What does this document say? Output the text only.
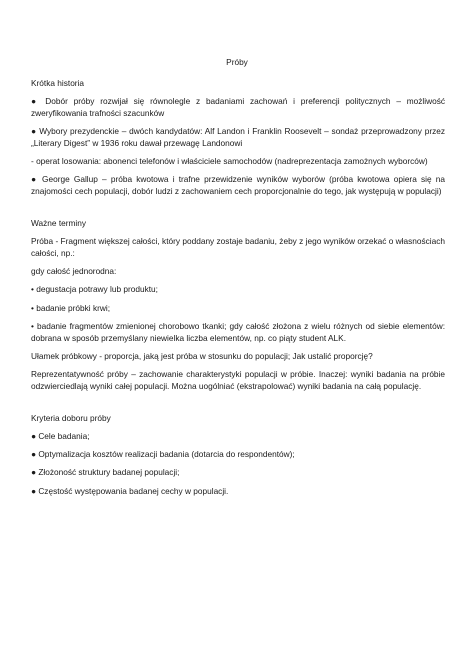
Próby

Krótka historia

● Dobór próby rozwijał się równolegle z badaniami zachowań i preferencji politycznych – możliwość zweryfikowania trafności szacunków

● Wybory prezydenckie – dwóch kandydatów: Alf Landon i Franklin Roosevelt – sondaż przeprowadzony przez „Literary Digest” w 1936 roku dawał przewagę Landonowi

- operat losowania: abonenci telefonów i właściciele samochodów (nadreprezentacja zamożnych wyborców)

● George Gallup – próba kwotowa i trafne przewidzenie wyników wyborów (próba kwotowa opiera się na znajomości cech populacji, dobór ludzi z zachowaniem cech proporcjonalnie do tego, jak występują w populacji)

Ważne terminy

Próba - Fragment większej całości, który poddany zostaje badaniu, żeby z jego wyników orzekać o własnościach całości, np.:

gdy całość jednorodna:

• degustacja potrawy lub produktu;

• badanie próbki krwi;

• badanie fragmentów zmienionej chorobowo tkanki; gdy całość złożona z wielu różnych od siebie elementów: dobrana w sposób przemyślany niewielka liczba elementów, np. co piąty student ALK.

Ułamek próbkowy - proporcja, jaką jest próba w stosunku do populacji; Jak ustalić proporcję?

Reprezentatywność próby – zachowanie charakterystyki populacji w próbie. Inaczej: wyniki badania na próbie odzwierciedlają wyniki całej populacji. Można uogólniać (ekstrapolować) wyniki badania na całą populację.

Kryteria doboru próby

● Cele badania;

● Optymalizacja kosztów realizacji badania (dotarcia do respondentów);

● Złożoność struktury badanej populacji;

● Częstość występowania badanej cechy w populacji.
